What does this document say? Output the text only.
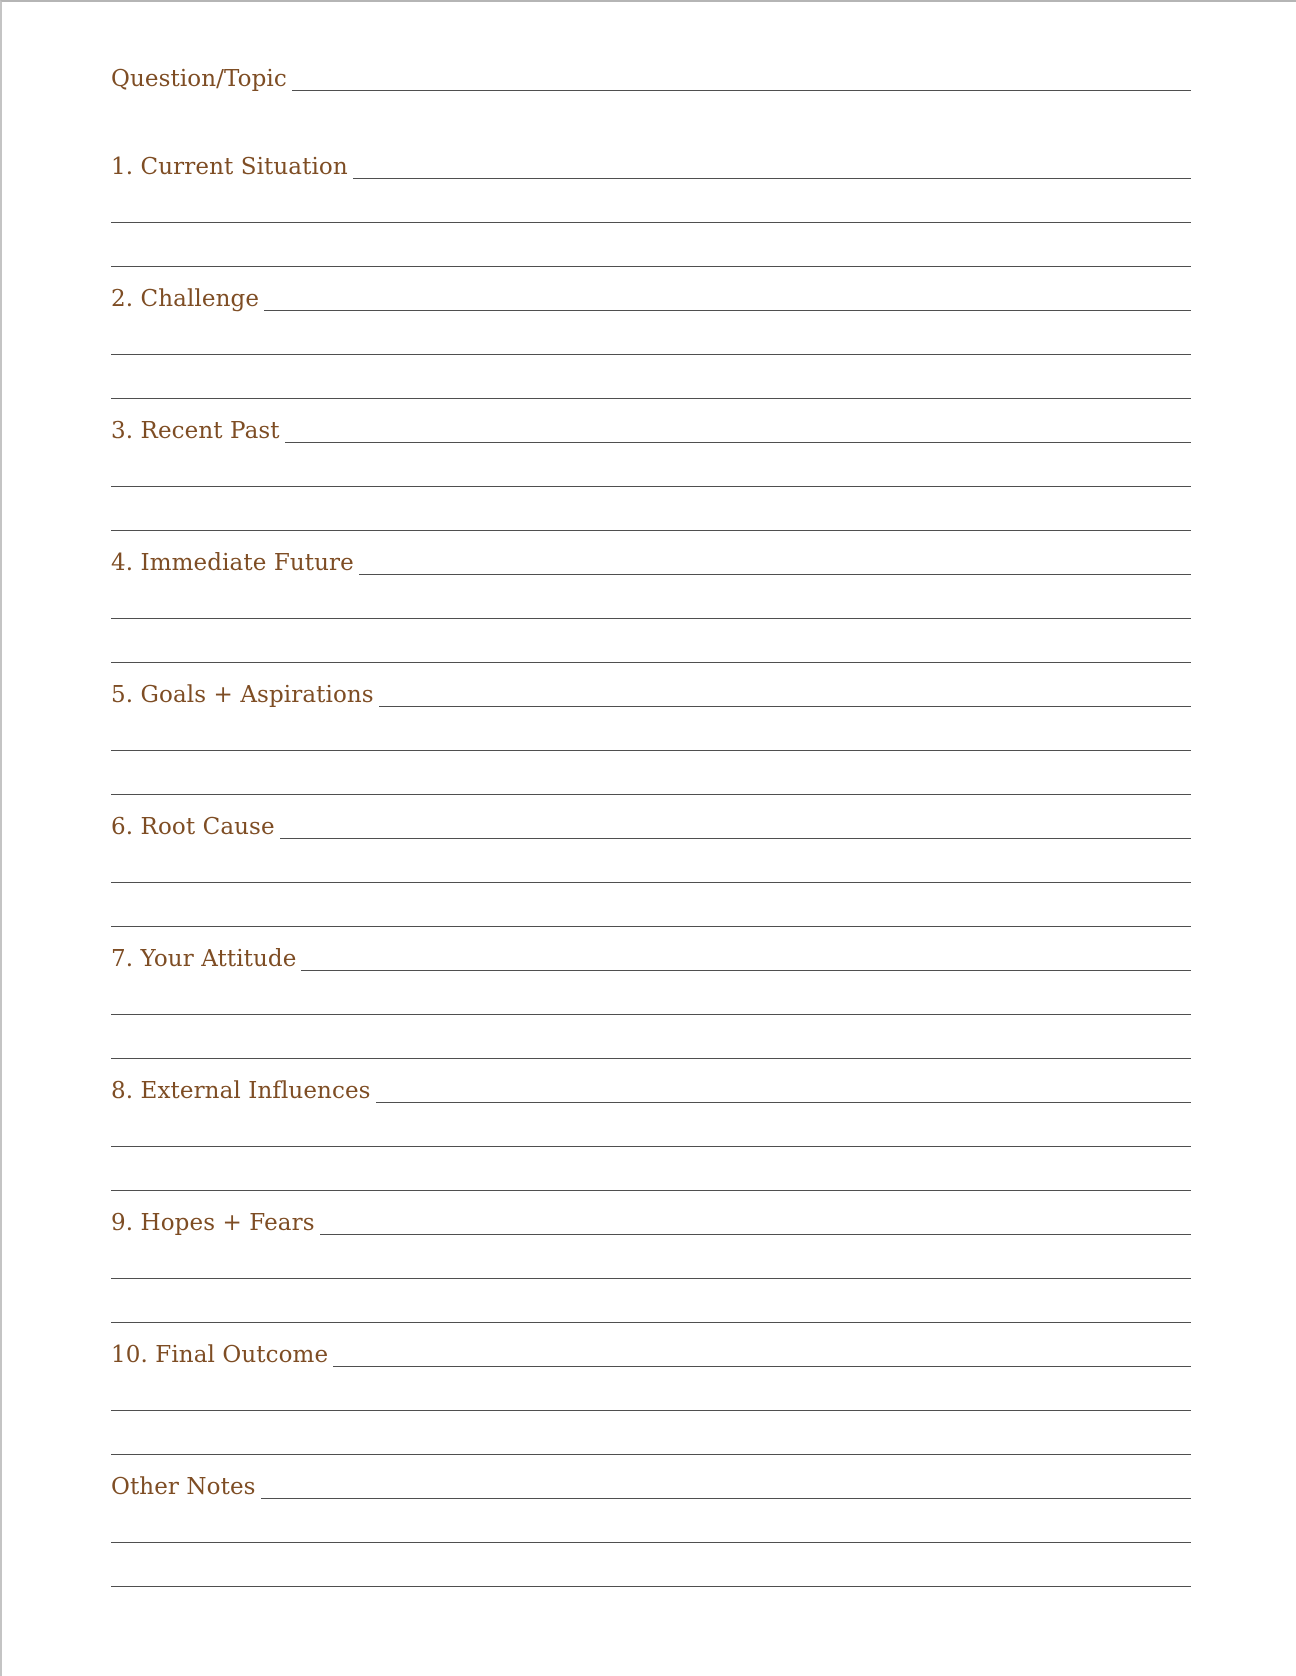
Question/Topic
1. Current Situation
2. Challenge
3. Recent Past
4. Immediate Future
5. Goals + Aspirations
6. Root Cause
7. Your Attitude
8. External Influences
9. Hopes + Fears
10. Final Outcome
Other Notes
